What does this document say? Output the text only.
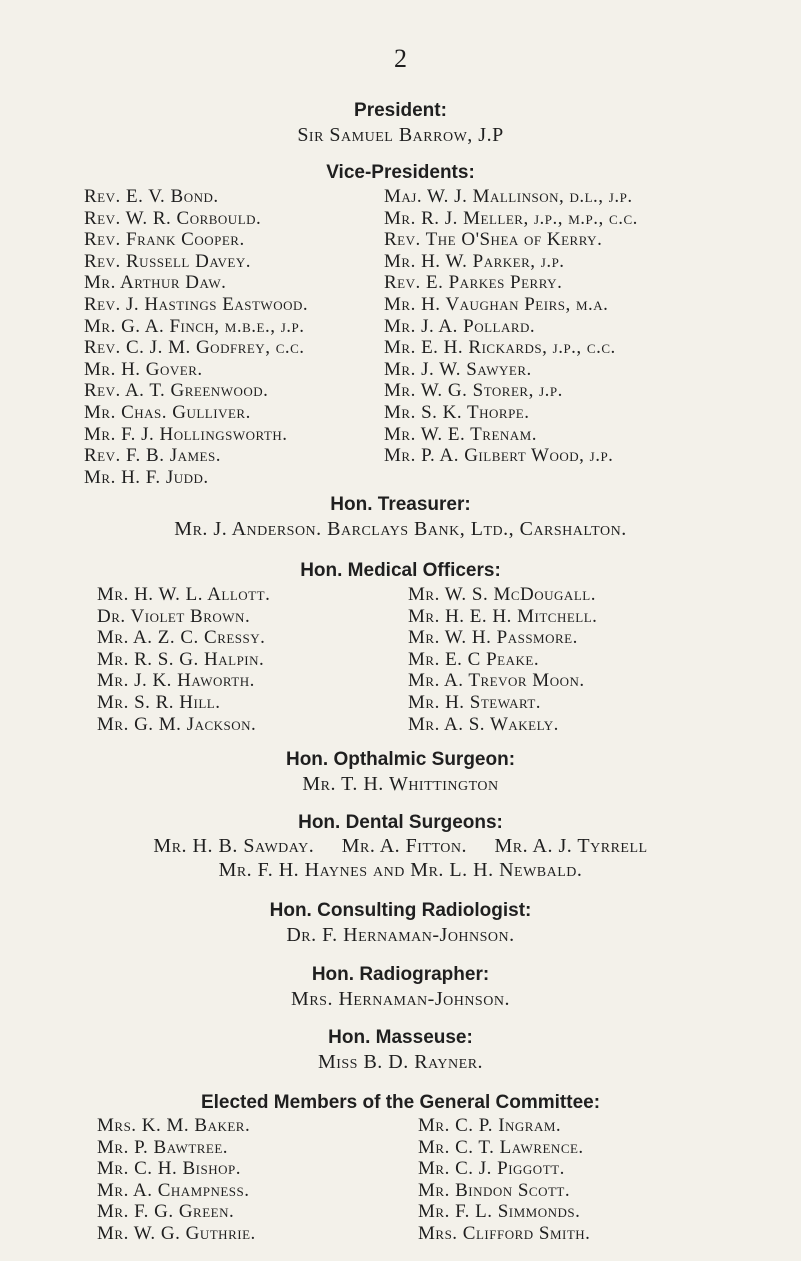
2
President:
Sir Samuel Barrow, J.P
Vice-Presidents:
Rev. E. V. Bond.
Rev. W. R. Corbould.
Rev. Frank Cooper.
Rev. Russell Davey.
Mr. Arthur Daw.
Rev. J. Hastings Eastwood.
Mr. G. A. Finch, m.b.e., j.p.
Rev. C. J. M. Godfrey, c.c.
Mr. H. Gover.
Rev. A. T. Greenwood.
Mr. Chas. Gulliver.
Mr. F. J. Hollingsworth.
Rev. F. B. James.
Mr. H. F. Judd.
Maj. W. J. Mallinson, d.l., j.p.
Mr. R. J. Meller, j.p., m.p., c.c.
Rev. The O'Shea of Kerry.
Mr. H. W. Parker, j.p.
Rev. E. Parkes Perry.
Mr. H. Vaughan Peirs, m.a.
Mr. J. A. Pollard.
Mr. E. H. Rickards, j.p., c.c.
Mr. J. W. Sawyer.
Mr. W. G. Storer, j.p.
Mr. S. K. Thorpe.
Mr. W. E. Trenam.
Mr. P. A. Gilbert Wood, j.p.
Hon. Treasurer:
Mr. J. Anderson. Barclays Bank, Ltd., Carshalton.
Hon. Medical Officers:
Mr. H. W. L. Allott.
Dr. Violet Brown.
Mr. A. Z. C. Cressy.
Mr. R. S. G. Halpin.
Mr. J. K. Haworth.
Mr. S. R. Hill.
Mr. G. M. Jackson.
Mr. W. S. McDougall.
Mr. H. E. H. Mitchell.
Mr. W. H. Passmore.
Mr. E. C Peake.
Mr. A. Trevor Moon.
Mr. H. Stewart.
Mr. A. S. Wakely.
Hon. Opthalmic Surgeon:
Mr. T. H. Whittington
Hon. Dental Surgeons:
Mr. H. B. Sawday.     Mr. A. Fitton.     Mr. A. J. Tyrrell
Mr. F. H. Haynes and Mr. L. H. Newbald.
Hon. Consulting Radiologist:
Dr. F. Hernaman-Johnson.
Hon. Radiographer:
Mrs. Hernaman-Johnson.
Hon. Masseuse:
Miss B. D. Rayner.
Elected Members of the General Committee:
Mrs. K. M. Baker.
Mr. P. Bawtree.
Mr. C. H. Bishop.
Mr. A. Champness.
Mr. F. G. Green.
Mr. W. G. Guthrie.
Mr. C. P. Ingram.
Mr. C. T. Lawrence.
Mr. C. J. Piggott.
Mr. Bindon Scott.
Mr. F. L. Simmonds.
Mrs. Clifford Smith.
